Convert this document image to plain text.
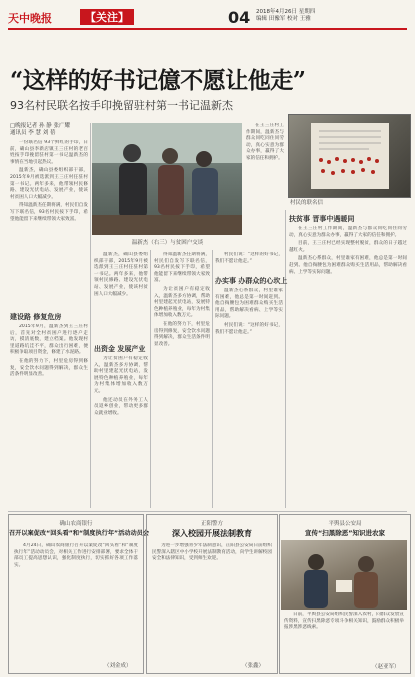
天中晚报	【关注】	04 2018年4月26日 星期四
编辑 田豫军 校对 王雅
“这样的好书记億不愿让他走”
93名村民联名按手印挽留驻村第一书记温新杰
□晚报记者 孙 静 张广耀
通讯员 李 慧 刘 蓓

一份联名信 93个鲜红的手印，日前，确山县李新店镇王三庄村的老百姓按手印挽留驻村第一书记温新杰的事情在当地引起热议。

温新杰，确山县委组织部干部，2015年9月被选派到王三庄村任驻村第一书记。两年多来，他带领村民修路、建设光伏电站、发展产业，使该村贫困人口大幅减少。

得知温新杰任期将满，村民们自发写下联名信，93名村民按下手印，希望他能留下来继续带领大家致富。

温新杰（右三）与贫困户交谈
村民的联名信

在王三庄村工作期间，温新杰与群众同吃同住同劳动，真心实意为群众办事，赢得了大家的信任和拥护。

建设路 修复危房

2015年9月，温新杰到王三庄村后，首先对全村贫困户进行逐户走访，摸清底数，建立档案。他发现村里道路坑洼不平，群众出行困难，便积极争取项目资金，修建了水泥路。

在他的努力下，村里危房得到修复，安全饮水问题得到解决，群众生活条件明显改善。

温新杰，确山县委组织部干部，2015年9月被选派到王三庄村任驻村第一书记。两年多来，他带领村民修路、建设光伏电站、发展产业，使该村贫困人口大幅减少。

出资金 发展产业

为让贫困户有稳定收入，温新杰多方协调，帮助村里建起光伏电站，发展特色种植养殖业，每年为村集体增加收入数万元。

他还动员在外务工人员返乡创业，带动更多群众就业增收。

得知温新杰任期将满，村民们自发写下联名信，93名村民按下手印，希望他能留下来继续带领大家致富。

为让贫困户有稳定收入，温新杰多方协调，帮助村里建起光伏电站，发展特色种植养殖业，每年为村集体增加收入数万元。

在他的努力下，村里危房得到修复，安全饮水问题得到解决，群众生活条件明显改善。

村民们说：“这样的好书记，我们不愿让他走。”

办实事 办群众的心坎上

温新杰心系群众，村里谁家有困难，他总是第一时间赶到。他自掏腰包为困难群众购买生活用品，帮助解决看病、上学等实际问题。

村民们说：“这样的好书记，我们不愿让他走。”

扶贫事 晋事中遇暖同

在王三庄村工作期间，温新杰与群众同吃同住同劳动，真心实意为群众办事，赢得了大家的信任和拥护。

目前，王三庄村已经实现整村脱贫，群众的日子越过越红火。

温新杰心系群众，村里谁家有困难，他总是第一时间赶到。他自掏腰包为困难群众购买生活用品，帮助解决看病、上学等实际问题。

确山农商银行
召开以案促改“回头看”和“制度执行年”活动动员会

4月24日，确山农商银行召开以案促改“回头看”和“制度执行年”活动动员会，对相关工作进行安排部署，要求全体干部员工提高思想认识，强化制度执行，切实抓好各项工作落实。

（刘金成）
正阳警方
深入校园开展法制教育

为进一步增强青少年法制意识，正阳县公安局日前组织民警深入辖区中小学校开展法制教育活动，向学生讲解校园安全和法律知识，受到师生欢迎。

（张鑫）
平舆县公安局
宣传“扫黑除恶”知识进农家

日前，平舆县公安局组织民警深入农村，向群众发放宣传资料，宣传扫黑除恶专项斗争相关知识，鼓励群众积极举报涉黑涉恶线索。

（赵亚军）
